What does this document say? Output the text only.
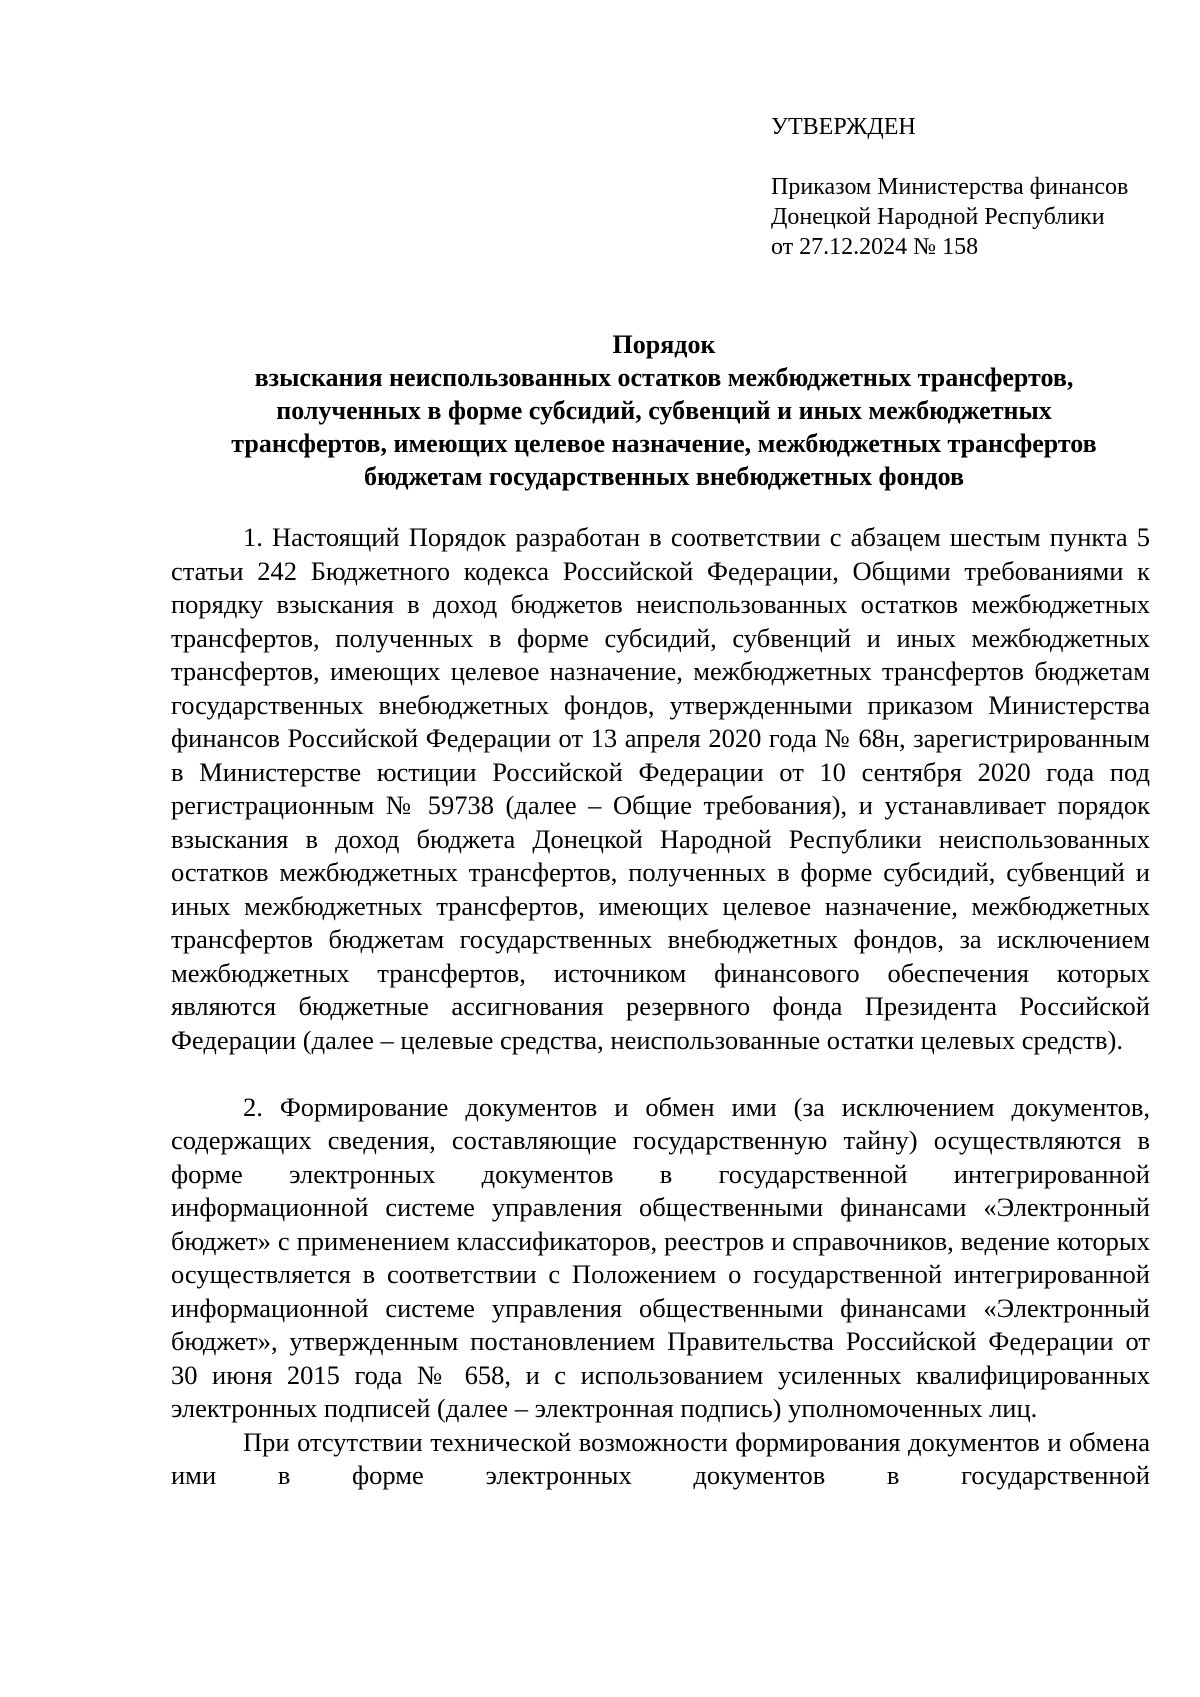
УТВЕРЖДЕН

Приказом Министерства финансов

Донецкой Народной Республики

от 27.12.2024 № 158

Порядок
взыскания неиспользованных остатков межбюджетных трансфертов,
полученных в форме субсидий, субвенций и иных межбюджетных
трансфертов, имеющих целевое назначение, межбюджетных трансфертов
бюджетам государственных внебюджетных фондов

1. Настоящий Порядок разработан в соответствии с абзацем шестым пункта 5 статьи 242 Бюджетного кодекса Российской Федерации, Общими требованиями к порядку взыскания в доход бюджетов неиспользованных остатков межбюджетных трансфертов, полученных в форме субсидий, субвенций и иных межбюджетных трансфертов, имеющих целевое назначение, межбюджетных трансфертов бюджетам государственных внебюджетных фондов, утвержденными приказом Министерства финансов Российской Федерации от 13 апреля 2020 года № 68н, зарегистрированным в Министерстве юстиции Российской Федерации от 10 сентября 2020 года под регистрационным № 59738 (далее – Общие требования), и устанавливает порядок взыскания в доход бюджета Донецкой Народной Республики неиспользованных остатков межбюджетных трансфертов, полученных в форме субсидий, субвенций и иных межбюджетных трансфертов, имеющих целевое назначение, межбюджетных трансфертов бюджетам государственных внебюджетных фондов, за исключением межбюджетных трансфертов, источником финансового обеспечения которых являются бюджетные ассигнования резервного фонда Президента Российской Федерации (далее – целевые средства, неиспользованные остатки целевых средств).

2. Формирование документов и обмен ими (за исключением документов, содержащих сведения, составляющие государственную тайну) осуществляются в форме электронных документов в государственной интегрированной информационной системе управления общественными финансами «Электронный бюджет» с применением классификаторов, реестров и справочников, ведение которых осуществляется в соответствии с Положением о государственной интегрированной информационной системе управления общественными финансами «Электронный бюджет», утвержденным постановлением Правительства Российской Федерации от 30 июня 2015 года № 658, и с использованием усиленных квалифицированных электронных подписей (далее – электронная подпись) уполномоченных лиц.

При отсутствии технической возможности формирования документов и обмена ими в форме электронных документов в государственной
